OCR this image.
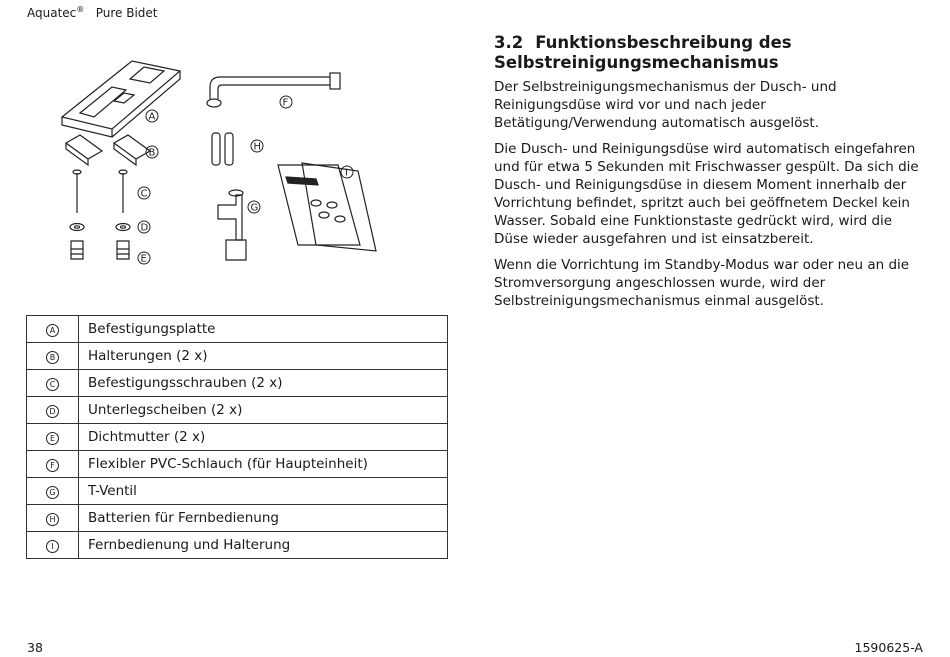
Aquatec® Pure Bidet
A
B
C
D
E
F
G
H
I
A	Befestigungsplatte
B	Halterungen (2 x)
C	Befestigungsschrauben (2 x)
D	Unterlegscheiben (2 x)
E	Dichtmutter (2 x)
F	Flexibler PVC-Schlauch (für Haupteinheit)
G	T-Ventil
H	Batterien für Fernbedienung
I	Fernbedienung und Halterung
3.2 Funktionsbeschreibung des
Selbstreinigungsmechanismus

Der Selbstreinigungsmechanismus der Dusch- und Reinigungsdüse wird vor und nach jeder Betätigung/Verwendung automatisch ausgelöst.

Die Dusch- und Reinigungsdüse wird automatisch eingefahren und für etwa 5 Sekunden mit Frischwasser gespült. Da sich die Dusch- und Reinigungsdüse in diesem Moment innerhalb der Vorrichtung befindet, spritzt auch bei geöffnetem Deckel kein Wasser. Sobald eine Funktionstaste gedrückt wird, wird die Düse wieder ausgefahren und ist einsatzbereit.

Wenn die Vorrichtung im Standby-Modus war oder neu an die Stromversorgung angeschlossen wurde, wird der Selbstreinigungsmechanismus einmal ausgelöst.

38	1590625-A
